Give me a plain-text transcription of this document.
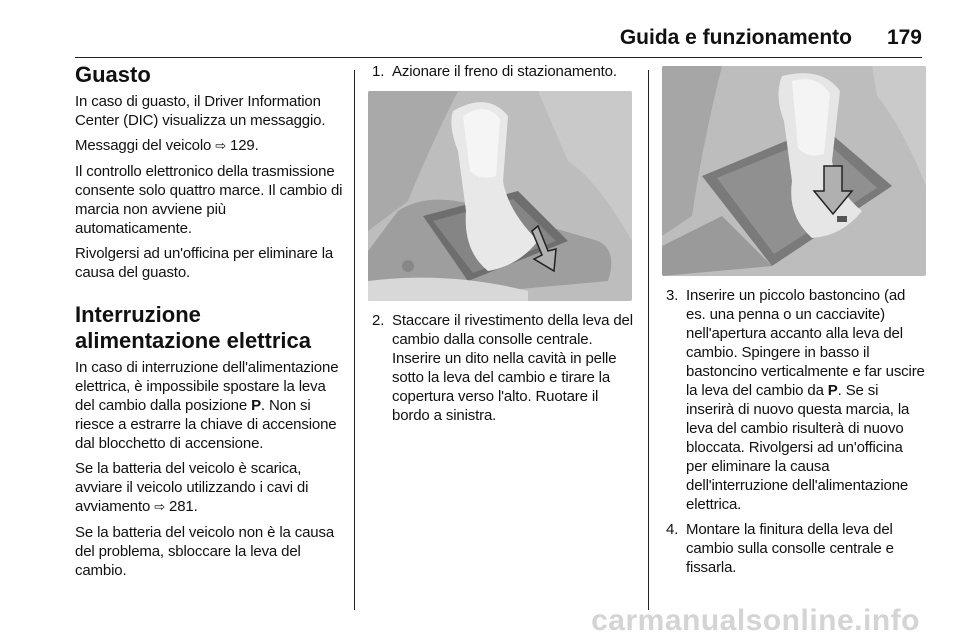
Guida e funzionamento 179
Guasto

In caso di guasto, il Driver Information Center (DIC) visualizza un messaggio.

Messaggi del veicolo ⇨ 129.

Il controllo elettronico della trasmissione consente solo quattro marce. Il cambio di marcia non avviene più automaticamente.

Rivolgersi ad un'officina per eliminare la causa del guasto.

Interruzione alimentazione elettrica

In caso di interruzione dell'alimentazione elettrica, è impossibile spostare la leva del cambio dalla posizione P. Non si riesce a estrarre la chiave di accensione dal blocchetto di accensione.

Se la batteria del veicolo è scarica, avviare il veicolo utilizzando i cavi di avviamento ⇨ 281.

Se la batteria del veicolo non è la causa del problema, sbloccare la leva del cambio.

1. Azionare il freno di stazionamento.
2. Staccare il rivestimento della leva del cambio dalla consolle centrale. Inserire un dito nella cavità in pelle sotto la leva del cambio e tirare la copertura verso l'alto. Ruotare il bordo a sinistra.
3. Inserire un piccolo bastoncino (ad es. una penna o un cacciavite) nell'apertura accanto alla leva del cambio. Spingere in basso il bastoncino verticalmente e far uscire la leva del cambio da P. Se si inserirà di nuovo questa marcia, la leva del cambio risulterà di nuovo bloccata. Rivolgersi ad un'officina per eliminare la causa dell'interruzione dell'alimentazione elettrica.
4. Montare la finitura della leva del cambio sulla consolle centrale e fissarla.

carmanualsonline.info
